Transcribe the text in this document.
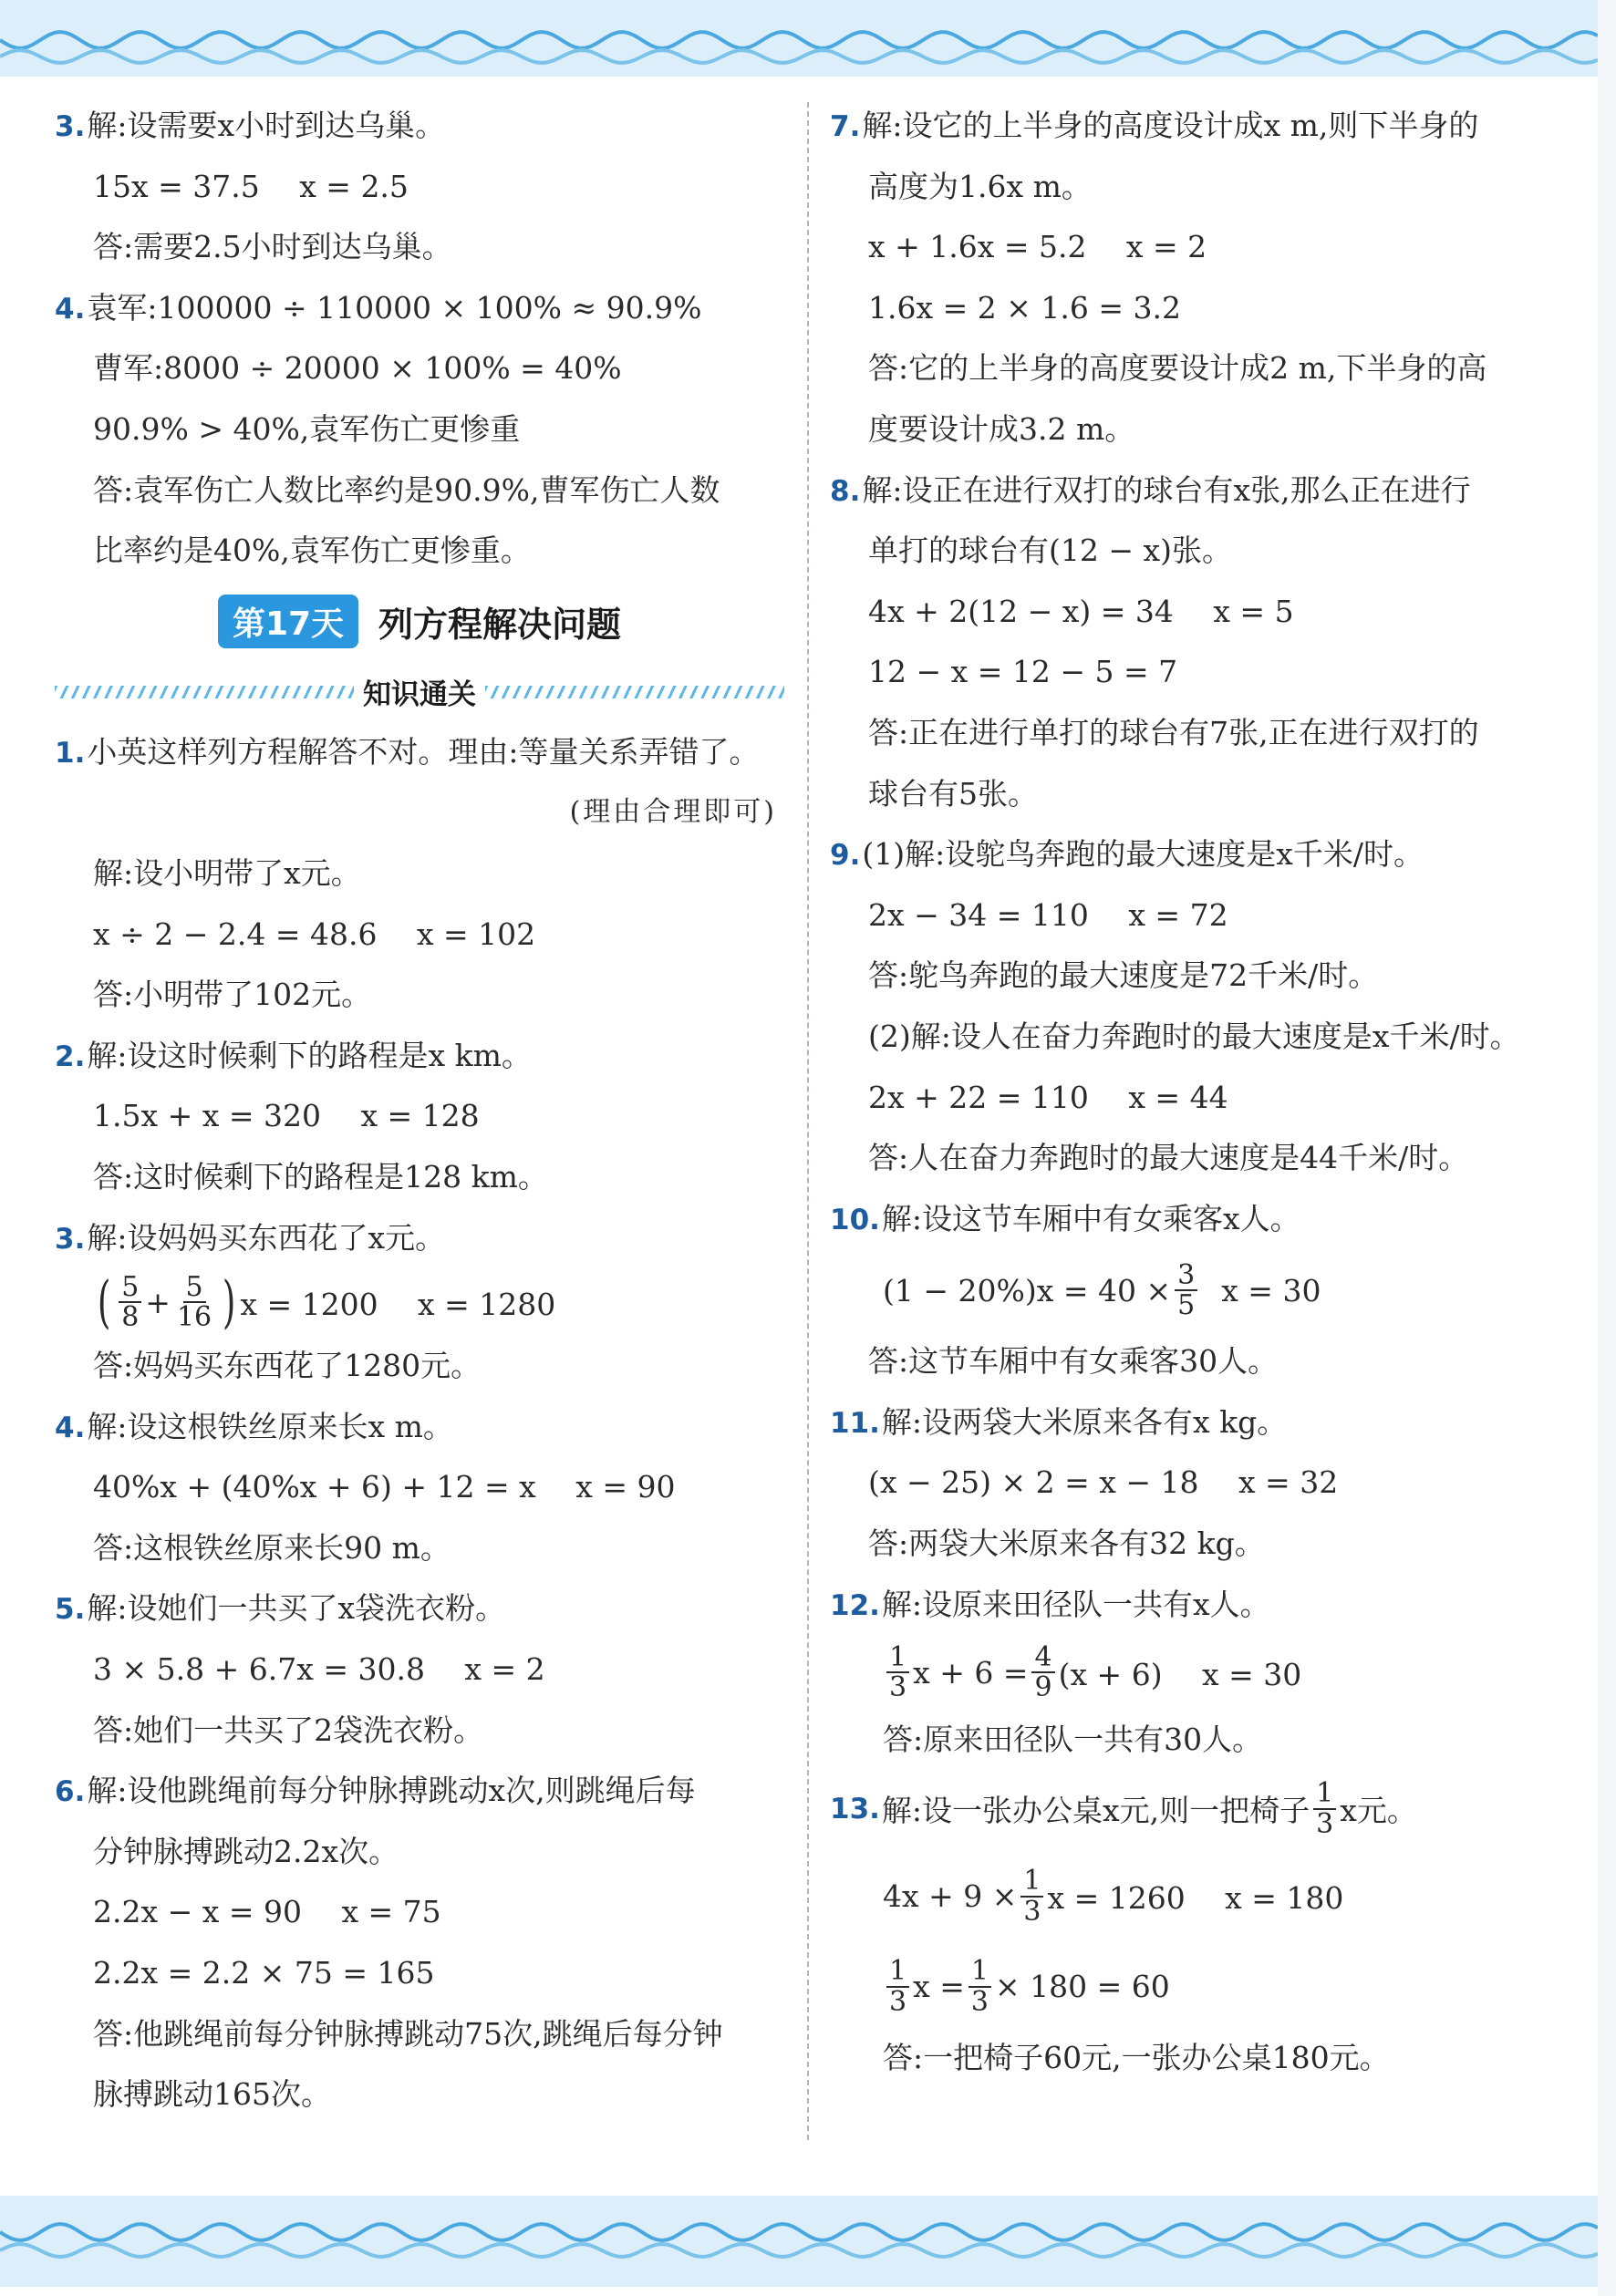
3.解:设需要x小时到达乌巢。
15x = 37.5　 x = 2.5
答:需要2.5小时到达乌巢。
4.袁军:100000 ÷ 110000 × 100% ≈ 90.9%
曹军:8000 ÷ 20000 × 100% = 40%
90.9% > 40%,袁军伤亡更惨重
答:袁军伤亡人数比率约是90.9%,曹军伤亡人数
比率约是40%,袁军伤亡更惨重。
第17天	列方程解决问题
知识通关
1.小英这样列方程解答不对。理由:等量关系弄错了。
(理由合理即可)
解:设小明带了x元。
x ÷ 2 − 2.4 = 48.6　 x = 102
答:小明带了102元。
2.解:设这时候剩下的路程是x km。
1.5x + x = 320　 x = 128
答:这时候剩下的路程是128 km。
3.解:设妈妈买东西花了x元。
( $\frac{5}{8} + \frac{5}{16}$ ) x = 1200　 x = 1280
答:妈妈买东西花了1280元。
4.解:设这根铁丝原来长x m。
40%x + (40%x + 6) + 12 = x　 x = 90
答:这根铁丝原来长90 m。
5.解:设她们一共买了x袋洗衣粉。
3 × 5.8 + 6.7x = 30.8　 x = 2
答:她们一共买了2袋洗衣粉。
6.解:设他跳绳前每分钟脉搏跳动x次,则跳绳后每
分钟脉搏跳动2.2x次。
2.2x − x = 90　 x = 75
2.2x = 2.2 × 75 = 165
答:他跳绳前每分钟脉搏跳动75次,跳绳后每分钟
脉搏跳动165次。
7.解:设它的上半身的高度设计成x m,则下半身的
高度为1.6x m。
x + 1.6x = 5.2　 x = 2
1.6x = 2 × 1.6 = 3.2
答:它的上半身的高度要设计成2 m,下半身的高
度要设计成3.2 m。
8.解:设正在进行双打的球台有x张,那么正在进行
单打的球台有(12 − x)张。
4x + 2(12 − x) = 34　 x = 5
12 − x = 12 − 5 = 7
答:正在进行单打的球台有7张,正在进行双打的
球台有5张。
9.(1)解:设鸵鸟奔跑的最大速度是x千米/时。
2x − 34 = 110　 x = 72
答:鸵鸟奔跑的最大速度是72千米/时。
(2)解:设人在奋力奔跑时的最大速度是x千米/时。
2x + 22 = 110　 x = 44
答:人在奋力奔跑时的最大速度是44千米/时。
10.解:设这节车厢中有女乘客x人。
$(1 - 20\%)x = 40 \times \frac{3}{5}$ x = 30
答:这节车厢中有女乘客30人。
11.解:设两袋大米原来各有x kg。
(x − 25) × 2 = x − 18　 x = 32
答:两袋大米原来各有32 kg。
12.解:设原来田径队一共有x人。
$\frac{1}{3}$ $x + 6 = \frac{4}{9} (x + 6)$　 x = 30
答:原来田径队一共有30人。
13. 解:设一张办公桌x元,则一把椅子 $\frac{1}{3}$ x元。
$4x + 9 \times \frac{1}{3}$ x = 1260　 x = 180
$\frac{1}{3}$ $x = \frac{1}{3} \times 180 = 60$
答:一把椅子60元,一张办公桌180元。
